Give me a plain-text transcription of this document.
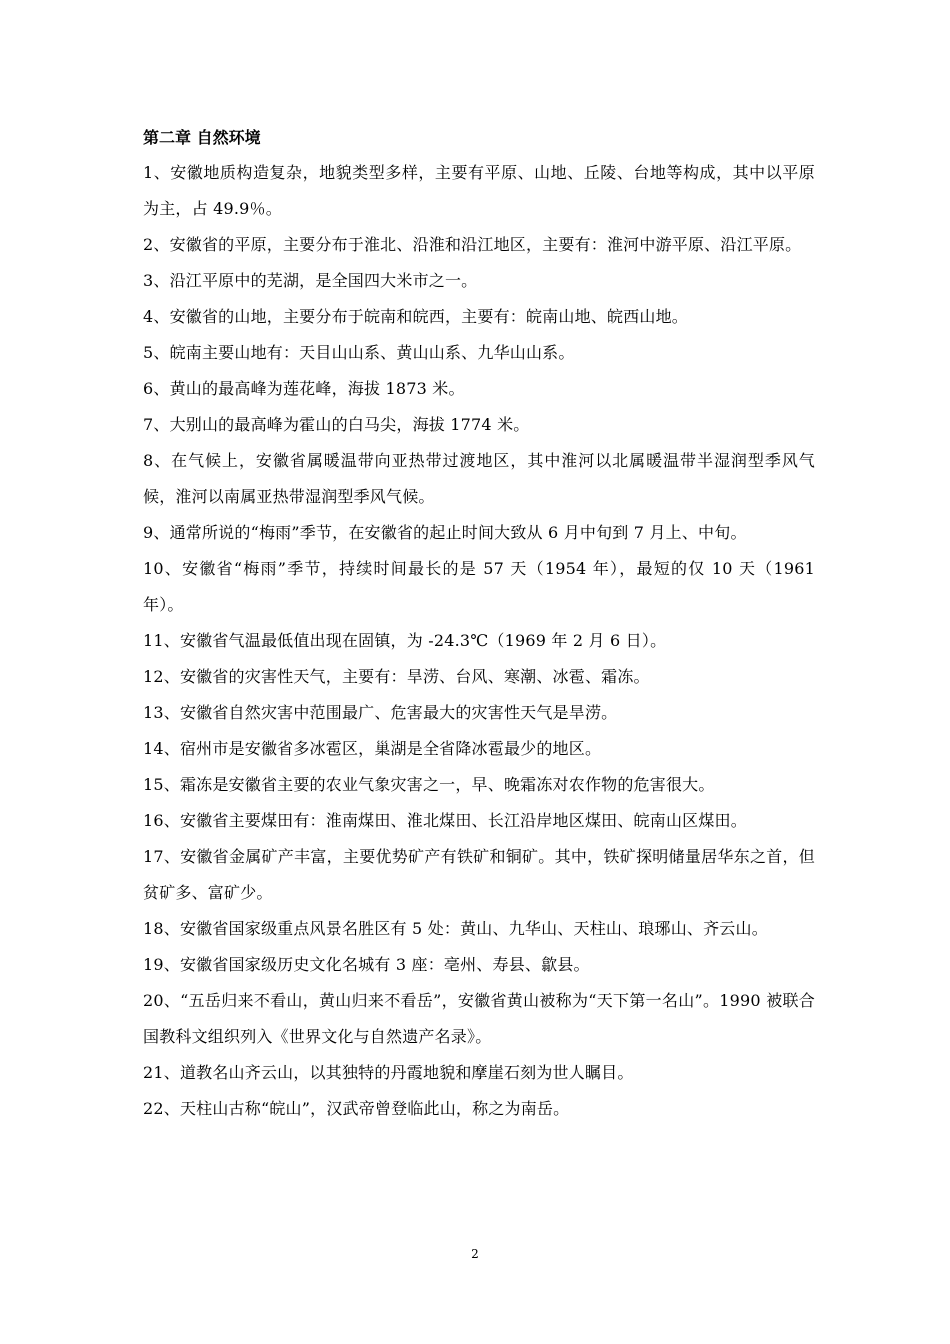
第二章 自然环境

1、安徽地质构造复杂，地貌类型多样，主要有平原、山地、丘陵、台地等构成，其中以平原为主，占 49.9％。

2、安徽省的平原，主要分布于淮北、沿淮和沿江地区，主要有：淮河中游平原、沿江平原。

3、沿江平原中的芜湖，是全国四大米市之一。

4、安徽省的山地，主要分布于皖南和皖西，主要有：皖南山地、皖西山地。

5、皖南主要山地有：天目山山系、黄山山系、九华山山系。

6、黄山的最高峰为莲花峰，海拔 1873 米。

7、大别山的最高峰为霍山的白马尖，海拔 1774 米。

8、在气候上，安徽省属暖温带向亚热带过渡地区，其中淮河以北属暖温带半湿润型季风气候，淮河以南属亚热带湿润型季风气候。

9、通常所说的“梅雨”季节，在安徽省的起止时间大致从 6 月中旬到 7 月上、中旬。

10、安徽省“梅雨”季节，持续时间最长的是 57 天（1954 年），最短的仅 10 天（1961 年）。

11、安徽省气温最低值出现在固镇，为 -24.3℃（1969 年 2 月 6 日）。

12、安徽省的灾害性天气，主要有：旱涝、台风、寒潮、冰雹、霜冻。

13、安徽省自然灾害中范围最广、危害最大的灾害性天气是旱涝。

14、宿州市是安徽省多冰雹区，巢湖是全省降冰雹最少的地区。

15、霜冻是安徽省主要的农业气象灾害之一，早、晚霜冻对农作物的危害很大。

16、安徽省主要煤田有：淮南煤田、淮北煤田、长江沿岸地区煤田、皖南山区煤田。

17、安徽省金属矿产丰富，主要优势矿产有铁矿和铜矿。其中，铁矿探明储量居华东之首，但贫矿多、富矿少。

18、安徽省国家级重点风景名胜区有 5 处：黄山、九华山、天柱山、琅琊山、齐云山。

19、安徽省国家级历史文化名城有 3 座：亳州、寿县、歙县。

20、“五岳归来不看山，黄山归来不看岳”，安徽省黄山被称为“天下第一名山”。1990 被联合国教科文组织列入《世界文化与自然遗产名录》。

21、道教名山齐云山，以其独特的丹霞地貌和摩崖石刻为世人瞩目。

22、天柱山古称“皖山”，汉武帝曾登临此山，称之为南岳。

2
